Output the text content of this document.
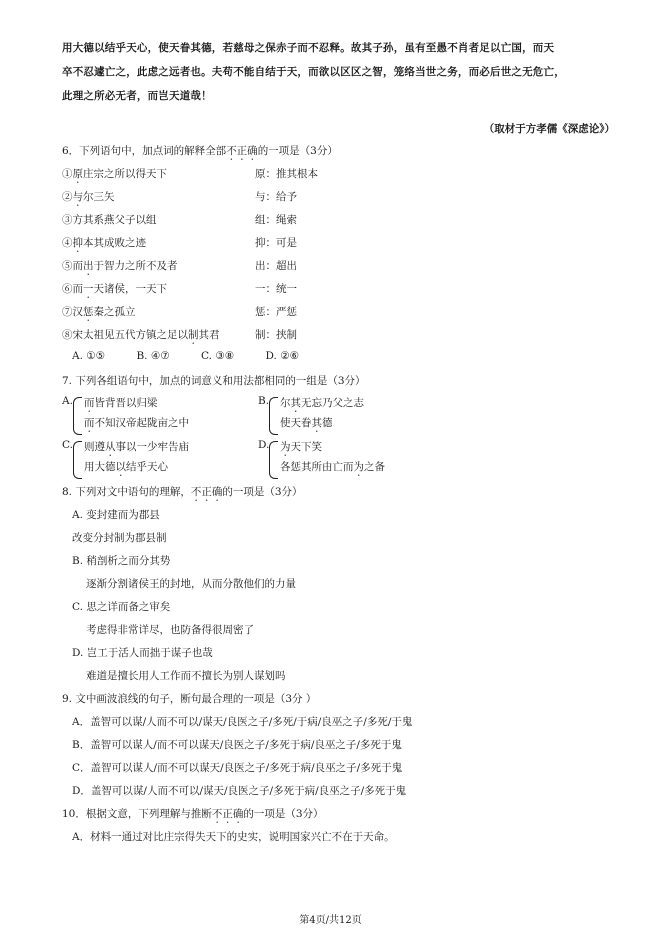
用大德以结乎天心，使天眷其德，若慈母之保赤子而不忍释。故其子孙，虽有至愚不肖者足以亡国，而天

卒不忍遽亡之，此虑之远者也。夫苟不能自结于天，而欲以区区之智，笼络当世之务，而必后世之无危亡，

此理之所必无者，而岂天道哉！

（取材于方孝儒《深虑论》）
6．下列语句中，加点词的解释全部不正确的一项是（3分）
①原庄宗之所以得天下	原：推其根本
②与尔三矢	与：给予
③方其系燕父子以组	组：绳索
④抑本其成败之迹	抑：可是
⑤而出于智力之所不及者	出：超出
⑥而一天诸侯，一天下	一：统一
⑦汉惩秦之孤立	惩：严惩
⑧宋太祖见五代方镇之足以制其君	制：挟制
A. ①⑤	B. ④⑦	C. ③⑧	D. ②⑥
7. 下列各组语句中，加点的词意义和用法都相同的一组是（3分）
A. 而皆背晋以归梁
而不知汉帝起陇亩之中
B. 尔其无忘乃父之志
使天眷其德
C. 则遵从事以一少牢告庙
用大德以结乎天心
D. 为天下笑
各惩其所由亡而为之备
8. 下列对文中语句的理解，不正确的一项是（3分）
A. 变封建而为郡县
改变分封制为郡县制
B. 稍剖析之而分其势
逐渐分割诸侯王的封地，从而分散他们的力量
C. 思之详而备之审矣
考虑得非常详尽，也防备得很周密了
D. 岂工于活人而拙于谋子也哉
难道是擅长用人工作而不擅长为别人谋划吗
9. 文中画波浪线的句子，断句最合理的一项是（3分 ）
A．盖智可以谋/人而不可以/谋天/良医之子/多死/于病/良巫之子/多死/于鬼
B．盖智可以谋人/而不可以谋天/良医之子/多死于病/良巫之子/多死于鬼
C．盖智可以谋人/而不可以谋天/良医之子/多死于病/良巫之子/多死于鬼
D．盖智可以谋/人而不可以/谋天/良医之子/多死于病/良巫之子/多死于鬼
10．根据文意，下列理解与推断不正确的一项是（3分）
A．材料一通过对比庄宗得失天下的史实，说明国家兴亡不在于天命。
第4页/共12页
